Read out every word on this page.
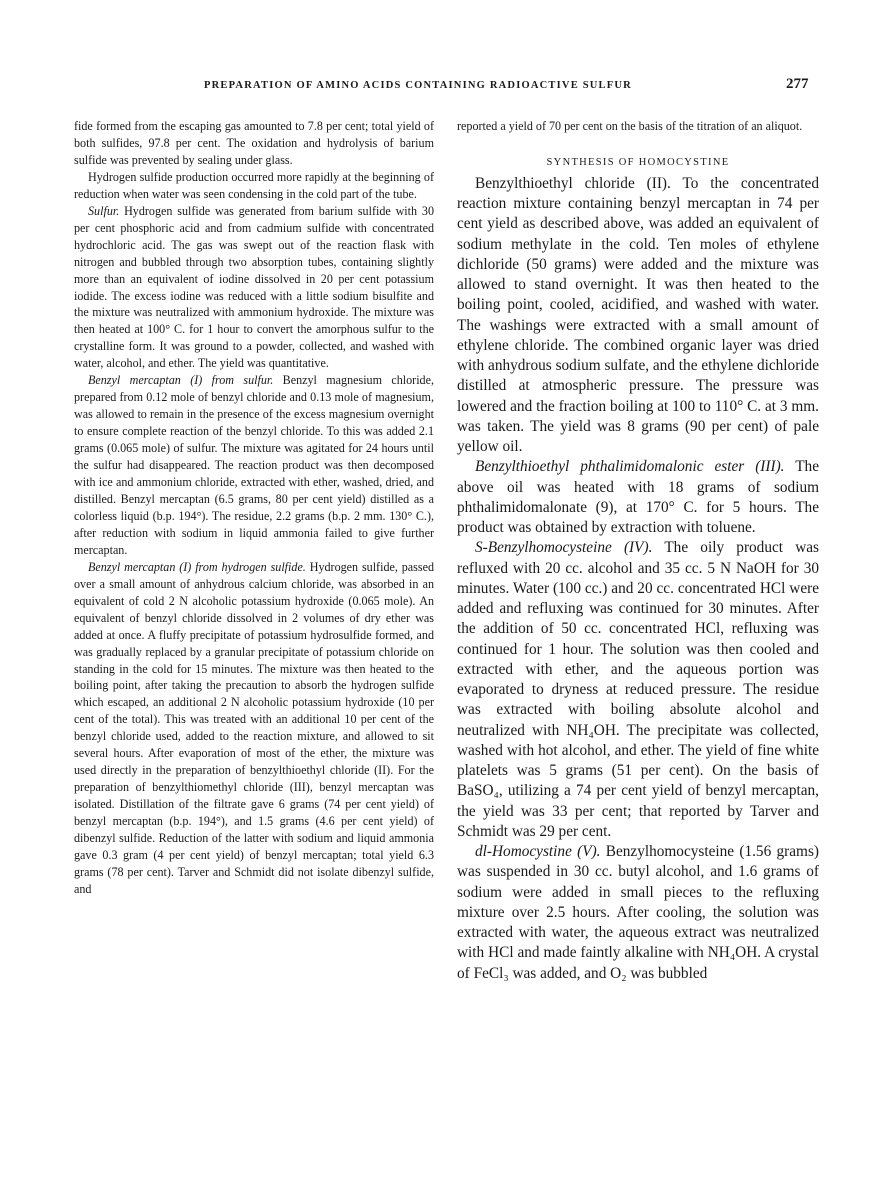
PREPARATION OF AMINO ACIDS CONTAINING RADIOACTIVE SULFUR	277

fide formed from the escaping gas amounted to 7.8 per cent; total yield of both sulfides, 97.8 per cent. The oxidation and hydrolysis of barium sulfide was prevented by sealing under glass.

Hydrogen sulfide production occurred more rapidly at the beginning of reduction when water was seen condensing in the cold part of the tube.

Sulfur. Hydrogen sulfide was generated from barium sulfide with 30 per cent phosphoric acid and from cadmium sulfide with concentrated hydrochloric acid. The gas was swept out of the reaction flask with nitrogen and bubbled through two absorption tubes, containing slightly more than an equivalent of iodine dissolved in 20 per cent potassium iodide. The excess iodine was reduced with a little sodium bisulfite and the mixture was neutralized with ammonium hydroxide. The mixture was then heated at 100° C. for 1 hour to convert the amorphous sulfur to the crystalline form. It was ground to a powder, collected, and washed with water, alcohol, and ether. The yield was quantitative.

Benzyl mercaptan (I) from sulfur. Benzyl magnesium chloride, prepared from 0.12 mole of benzyl chloride and 0.13 mole of magnesium, was allowed to remain in the presence of the excess magnesium overnight to ensure complete reaction of the benzyl chloride. To this was added 2.1 grams (0.065 mole) of sulfur. The mixture was agitated for 24 hours until the sulfur had disappeared. The reaction product was then decomposed with ice and ammonium chloride, extracted with ether, washed, dried, and distilled. Benzyl mercaptan (6.5 grams, 80 per cent yield) distilled as a colorless liquid (b.p. 194°). The residue, 2.2 grams (b.p. 2 mm. 130° C.), after reduction with sodium in liquid ammonia failed to give further mercaptan.

Benzyl mercaptan (I) from hydrogen sulfide. Hydrogen sulfide, passed over a small amount of anhydrous calcium chloride, was absorbed in an equivalent of cold 2 N alcoholic potassium hydroxide (0.065 mole). An equivalent of benzyl chloride dissolved in 2 volumes of dry ether was added at once. A fluffy precipitate of potassium hydrosulfide formed, and was gradually replaced by a granular precipitate of potassium chloride on standing in the cold for 15 minutes. The mixture was then heated to the boiling point, after taking the precaution to absorb the hydrogen sulfide which escaped, an additional 2 N alcoholic potassium hydroxide (10 per cent of the total). This was treated with an additional 10 per cent of the benzyl chloride used, added to the reaction mixture, and allowed to sit several hours. After evaporation of most of the ether, the mixture was used directly in the preparation of benzylthioethyl chloride (II). For the preparation of benzylthiomethyl chloride (III), benzyl mercaptan was isolated. Distillation of the filtrate gave 6 grams (74 per cent yield) of benzyl mercaptan (b.p. 194°), and 1.5 grams (4.6 per cent yield) of dibenzyl sulfide. Reduction of the latter with sodium and liquid ammonia gave 0.3 gram (4 per cent yield) of benzyl mercaptan; total yield 6.3 grams (78 per cent). Tarver and Schmidt did not isolate dibenzyl sulfide, and

reported a yield of 70 per cent on the basis of the titration of an aliquot.

SYNTHESIS OF HOMOCYSTINE

Benzylthioethyl chloride (II). To the concentrated reaction mixture containing benzyl mercaptan in 74 per cent yield as described above, was added an equivalent of sodium methylate in the cold. Ten moles of ethylene dichloride (50 grams) were added and the mixture was allowed to stand overnight. It was then heated to the boiling point, cooled, acidified, and washed with water. The washings were extracted with a small amount of ethylene chloride. The combined organic layer was dried with anhydrous sodium sulfate, and the ethylene dichloride distilled at atmospheric pressure. The pressure was lowered and the fraction boiling at 100 to 110° C. at 3 mm. was taken. The yield was 8 grams (90 per cent) of pale yellow oil.

Benzylthioethyl phthalimidomalonic ester (III). The above oil was heated with 18 grams of sodium phthalimidomalonate (9), at 170° C. for 5 hours. The product was obtained by extraction with toluene.

S-Benzylhomocysteine (IV). The oily product was refluxed with 20 cc. alcohol and 35 cc. 5 N NaOH for 30 minutes. Water (100 cc.) and 20 cc. concentrated HCl were added and refluxing was continued for 30 minutes. After the addition of 50 cc. concentrated HCl, refluxing was continued for 1 hour. The solution was then cooled and extracted with ether, and the aqueous portion was evaporated to dryness at reduced pressure. The residue was extracted with boiling absolute alcohol and neutralized with NH₄OH. The precipitate was collected, washed with hot alcohol, and ether. The yield of fine white platelets was 5 grams (51 per cent). On the basis of BaSO₄, utilizing a 74 per cent yield of benzyl mercaptan, the yield was 33 per cent; that reported by Tarver and Schmidt was 29 per cent.

dl-Homocystine (V). Benzylhomocysteine (1.56 grams) was suspended in 30 cc. butyl alcohol, and 1.6 grams of sodium were added in small pieces to the refluxing mixture over 2.5 hours. After cooling, the solution was extracted with water, the aqueous extract was neutralized with HCl and made faintly alkaline with NH₄OH. A crystal of FeCl₃ was added, and O₂ was bubbled
